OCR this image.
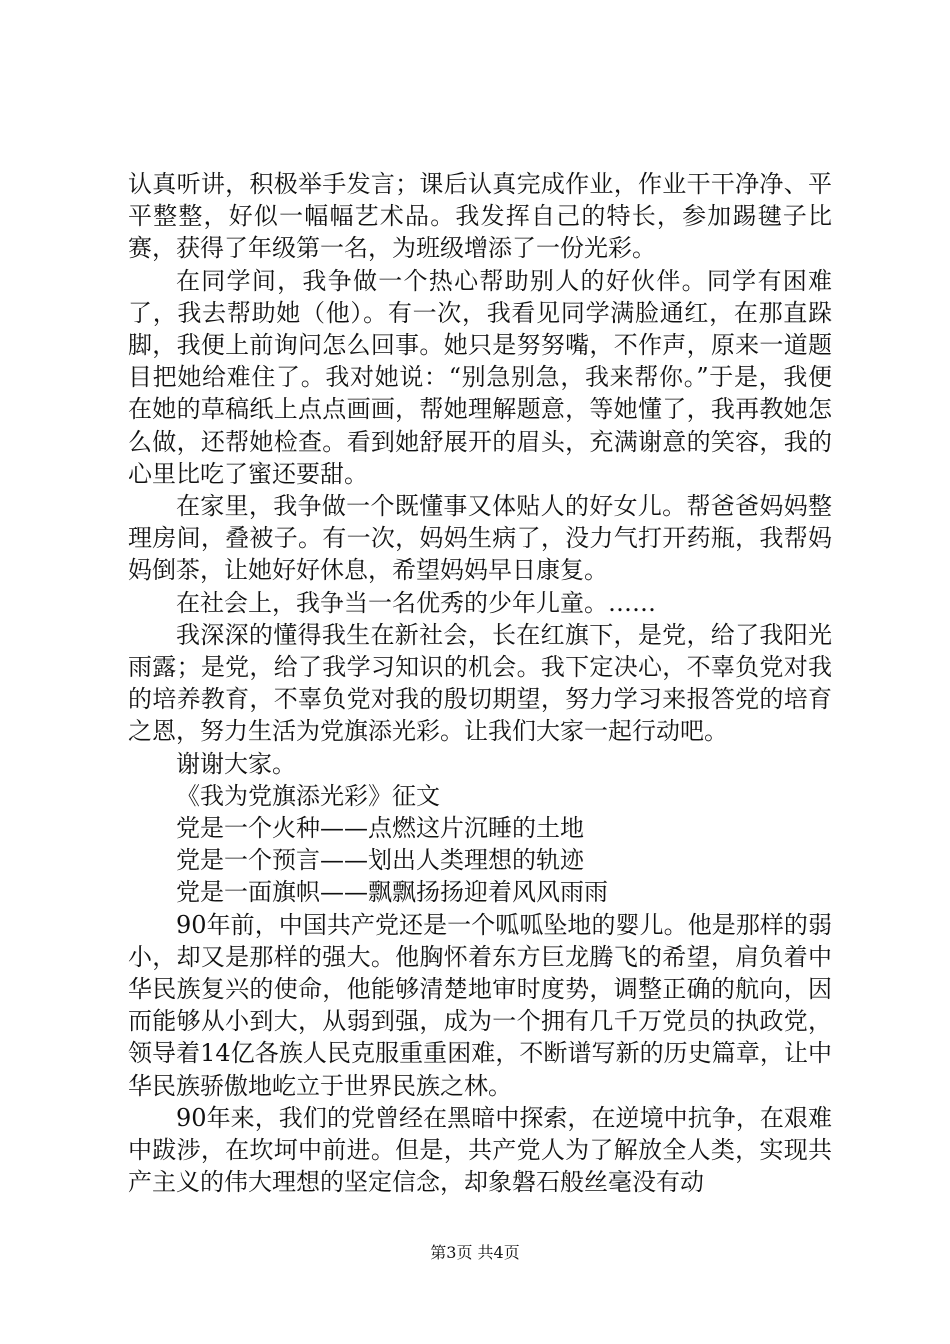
认真听讲，积极举手发言；课后认真完成作业，作业干干净净、平平整整，好似一幅幅艺术品。我发挥自己的特长，参加踢毽子比赛，获得了年级第一名，为班级增添了一份光彩。

在同学间，我争做一个热心帮助别人的好伙伴。同学有困难了，我去帮助她（他）。有一次，我看见同学满脸通红，在那直跺脚，我便上前询问怎么回事。她只是努努嘴，不作声，原来一道题目把她给难住了。我对她说：“别急别急，我来帮你。”于是，我便在她的草稿纸上点点画画，帮她理解题意，等她懂了，我再教她怎么做，还帮她检查。看到她舒展开的眉头，充满谢意的笑容，我的心里比吃了蜜还要甜。

在家里，我争做一个既懂事又体贴人的好女儿。帮爸爸妈妈整理房间，叠被子。有一次，妈妈生病了，没力气打开药瓶，我帮妈妈倒茶，让她好好休息，希望妈妈早日康复。

在社会上，我争当一名优秀的少年儿童。……

我深深的懂得我生在新社会，长在红旗下，是党，给了我阳光雨露；是党，给了我学习知识的机会。我下定决心，不辜负党对我的培养教育，不辜负党对我的殷切期望，努力学习来报答党的培育之恩，努力生活为党旗添光彩。让我们大家一起行动吧。

谢谢大家。

《我为党旗添光彩》征文

党是一个火种——点燃这片沉睡的土地

党是一个预言——划出人类理想的轨迹

党是一面旗帜——飘飘扬扬迎着风风雨雨

90年前，中国共产党还是一个呱呱坠地的婴儿。他是那样的弱小，却又是那样的强大。他胸怀着东方巨龙腾飞的希望，肩负着中华民族复兴的使命，他能够清楚地审时度势，调整正确的航向，因而能够从小到大，从弱到强，成为一个拥有几千万党员的执政党，领导着14亿各族人民克服重重困难，不断谱写新的历史篇章，让中华民族骄傲地屹立于世界民族之林。

90年来，我们的党曾经在黑暗中探索，在逆境中抗争，在艰难中跋涉，在坎坷中前进。但是，共产党人为了解放全人类，实现共产主义的伟大理想的坚定信念，却象磐石般丝毫没有动

第3页 共4页
